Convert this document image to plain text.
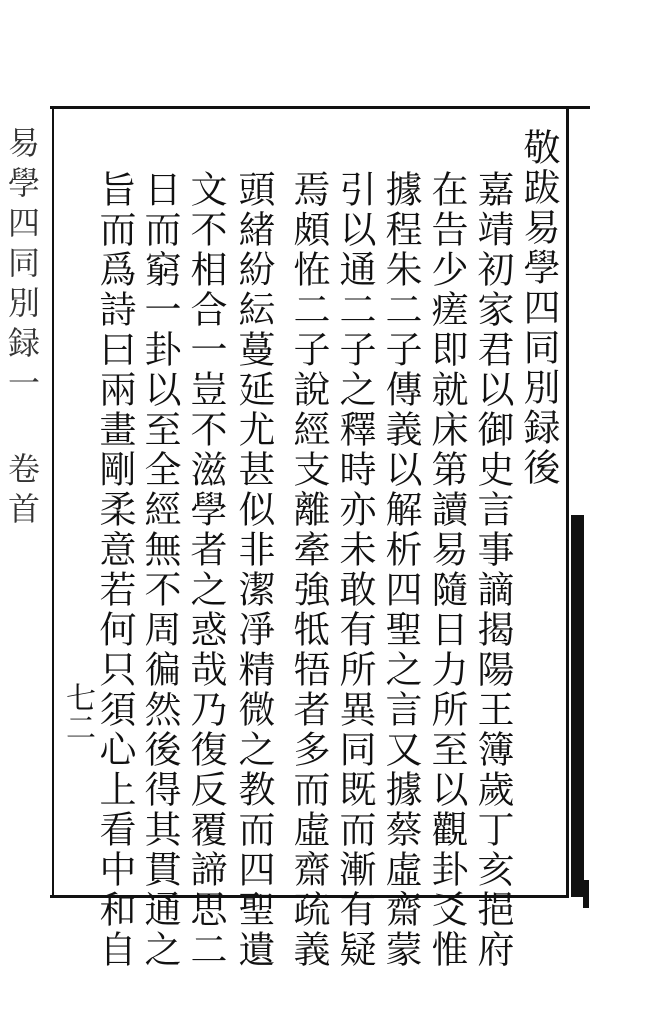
敬跋易學四同別録後
嘉靖初家君以御史言事謫揭陽王簿歲丁亥挹府
在告少瘥即就床第讀易隨日力所至以觀卦爻惟
據程朱二子傳義以解析四聖之言又據蔡虛齋蒙
引以通二子之釋時亦未敢有所異同既而漸有疑
焉頗恠二子說經支離牽強牴牾者多而虛齋疏義
頭緒紛紜蔓延尤甚似非潔凈精微之教而四聖遺
文不相合一豈不滋學者之惑哉乃復反覆諦思二
日而窮一卦以至全經無不周徧然後得其貫通之
旨而爲詩曰兩畫剛柔意若何只須心上看中和自
易學四同別録一 卷首
七二
